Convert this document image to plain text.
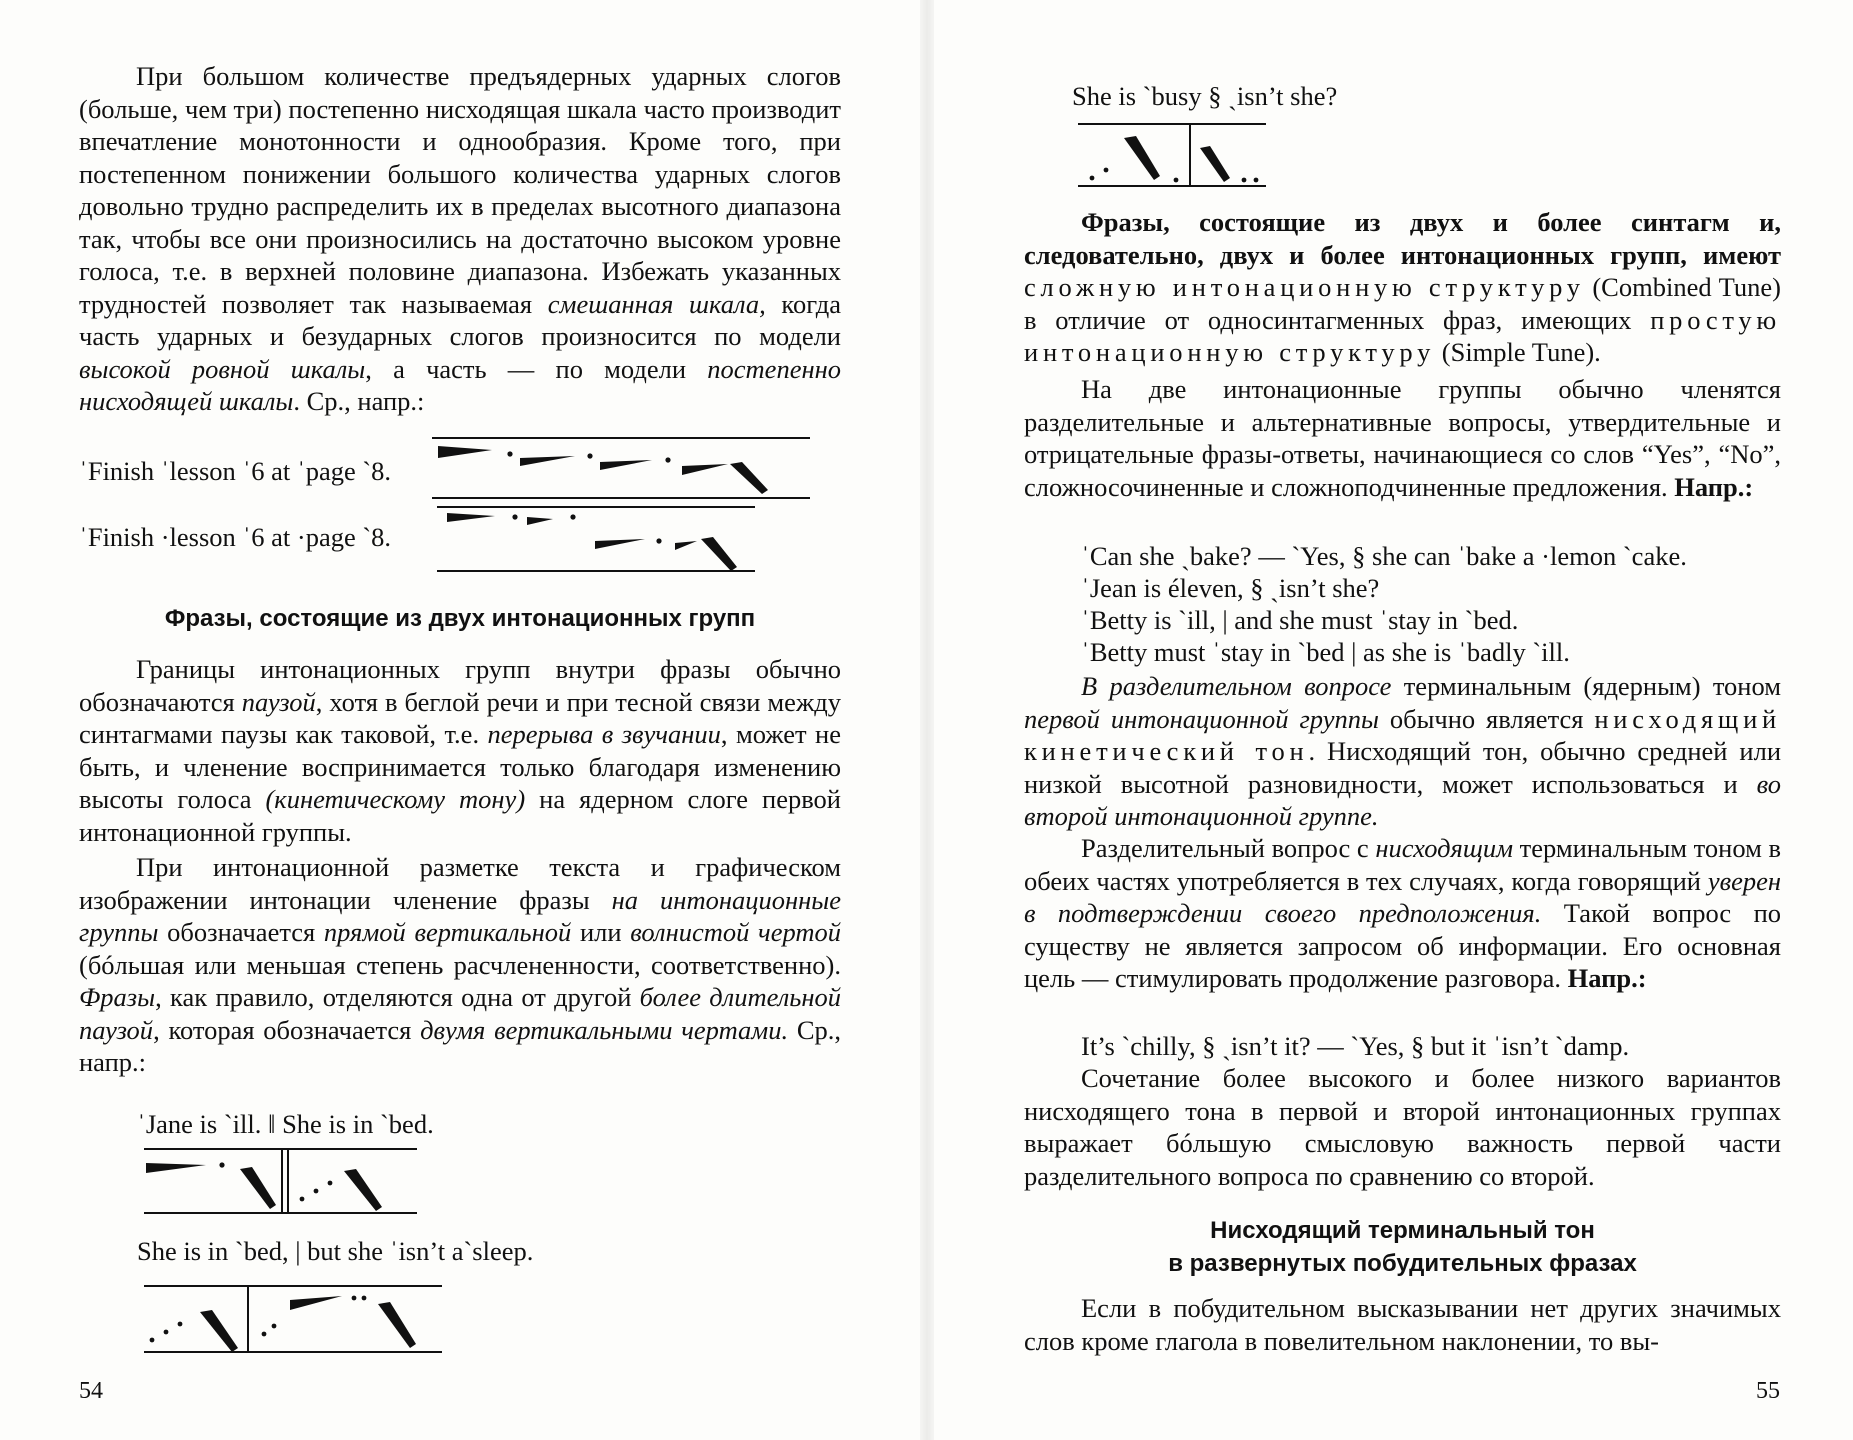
При большом количестве предъядерных ударных слогов (больше, чем три) постепенно нисходящая шкала часто производит впечатление монотонности и однообразия. Кроме того, при постепенном понижении большого количества ударных слогов довольно трудно распределить их в пределах высотного диапазона так, чтобы все они произносились на достаточно высоком уровне голоса, т.е. в верхней половине диапазона. Избежать указанных трудностей позволяет так называемая смешанная шкала, когда часть ударных и безударных слогов произносится по модели высокой ровной шкалы, а часть — по модели постепенно нисходящей шкалы. Ср., напр.:

ˈFinish ˈlesson ˈ6 at ˈpage ˋ8.
ˈFinish ·lesson ˈ6 at ·page ˋ8.
Фразы, состоящие из двух интонационных групп

Границы интонационных групп внутри фразы обычно обозначаются паузой, хотя в беглой речи и при тесной связи между синтагмами паузы как таковой, т.е. перерыва в звучании, может не быть, и членение воспринимается только благодаря изменению высоты голоса (кинетическому тону) на ядерном слоге первой интонационной группы.

При интонационной разметке текста и графическом изображении интонации членение фразы на интонационные группы обозначается прямой вертикальной или волнистой чертой (бóльшая или меньшая степень расчлененности, соответственно). Фразы, как правило, отделяются одна от другой более длительной паузой, которая обозначается двумя вертикальными чертами. Ср., напр.:

ˈJane is ˋill. ‖ She is in ˋbed.
She is in ˋbed, | but she ˈisn’t aˋsleep.
54
She is ˋbusy § ˏisn’t she?

Фразы, состоящие из двух и более синтагм и, следовательно, двух и более интонационных групп, имеют сложную интонационную структуру (Combined Tune) в отличие от односинтагменных фраз, имеющих простую интонационную структуру (Simple Tune).

На две интонационные группы обычно членятся разделительные и альтернативные вопросы, утвердительные и отрицательные фразы-ответы, начинающиеся со слов “Yes”, “No”, сложносочиненные и сложноподчиненные предложения. Напр.:

ˈCan she ˏbake? — ˋYes, § she can ˈbake a ·lemon ˋcake.
ˈJean is éleven, § ˏisn’t she?
ˈBetty is ˋill, | and she must ˈstay in ˋbed.
ˈBetty must ˈstay in ˋbed | as she is ˈbadly ˋill.

В разделительном вопросе терминальным (ядерным) тоном первой интонационной группы обычно является нисходящий кинетический тон. Нисходящий тон, обычно средней или низкой высотной разновидности, может использоваться и во второй интонационной группе.

Разделительный вопрос с нисходящим терминальным тоном в обеих частях употребляется в тех случаях, когда говорящий уверен в подтверждении своего предположения. Такой вопрос по существу не является запросом об информации. Его основная цель — стимулировать продолжение разговора. Напр.:

It’s ˋchilly, § ˏisn’t it? — ˋYes, § but it ˈisn’t ˋdamp.

Сочетание более высокого и более низкого вариантов нисходящего тона в первой и второй интонационных группах выражает бóльшую смысловую важность первой части разделительного вопроса по сравнению со второй.

Нисходящий терминальный тон
в развернутых побудительных фразах

Если в побудительном высказывании нет других значимых слов кроме глагола в повелительном наклонении, то вы-

55
